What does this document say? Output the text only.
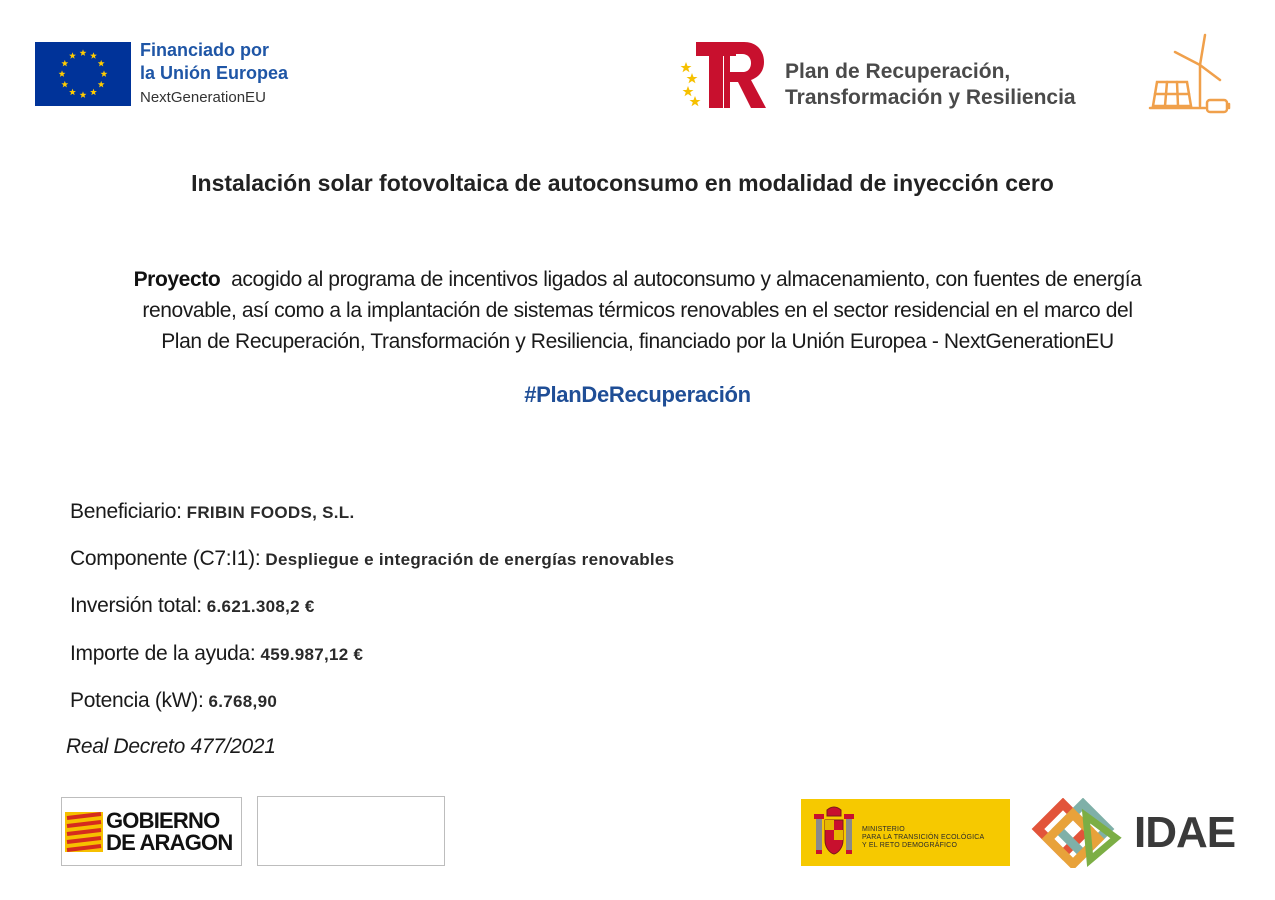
Financiado por
la Unión Europea
NextGenerationEU
Plan de Recuperación,
Transformación y Resiliencia
Instalación solar fotovoltaica de autoconsumo en modalidad de inyección cero
Proyecto  acogido al programa de incentivos ligados al autoconsumo y almacenamiento, con fuentes de energía
renovable, así como a la implantación de sistemas térmicos renovables en el sector residencial en el marco del
Plan de Recuperación, Transformación y Resiliencia, financiado por la Unión Europea - NextGenerationEU
#PlanDeRecuperación
Beneficiario: FRIBIN FOODS, S.L.
Componente (C7:I1): Despliegue e integración de energías renovables
Inversión total: 6.621.308,2 €
Importe de la ayuda: 459.987,12 €
Potencia (kW): 6.768,90
Real Decreto 477/2021
GOBIERNO
DE ARAGON
MINISTERIO
PARA LA TRANSICIÓN ECOLÓGICA
Y EL RETO DEMOGRÁFICO	IDAE
